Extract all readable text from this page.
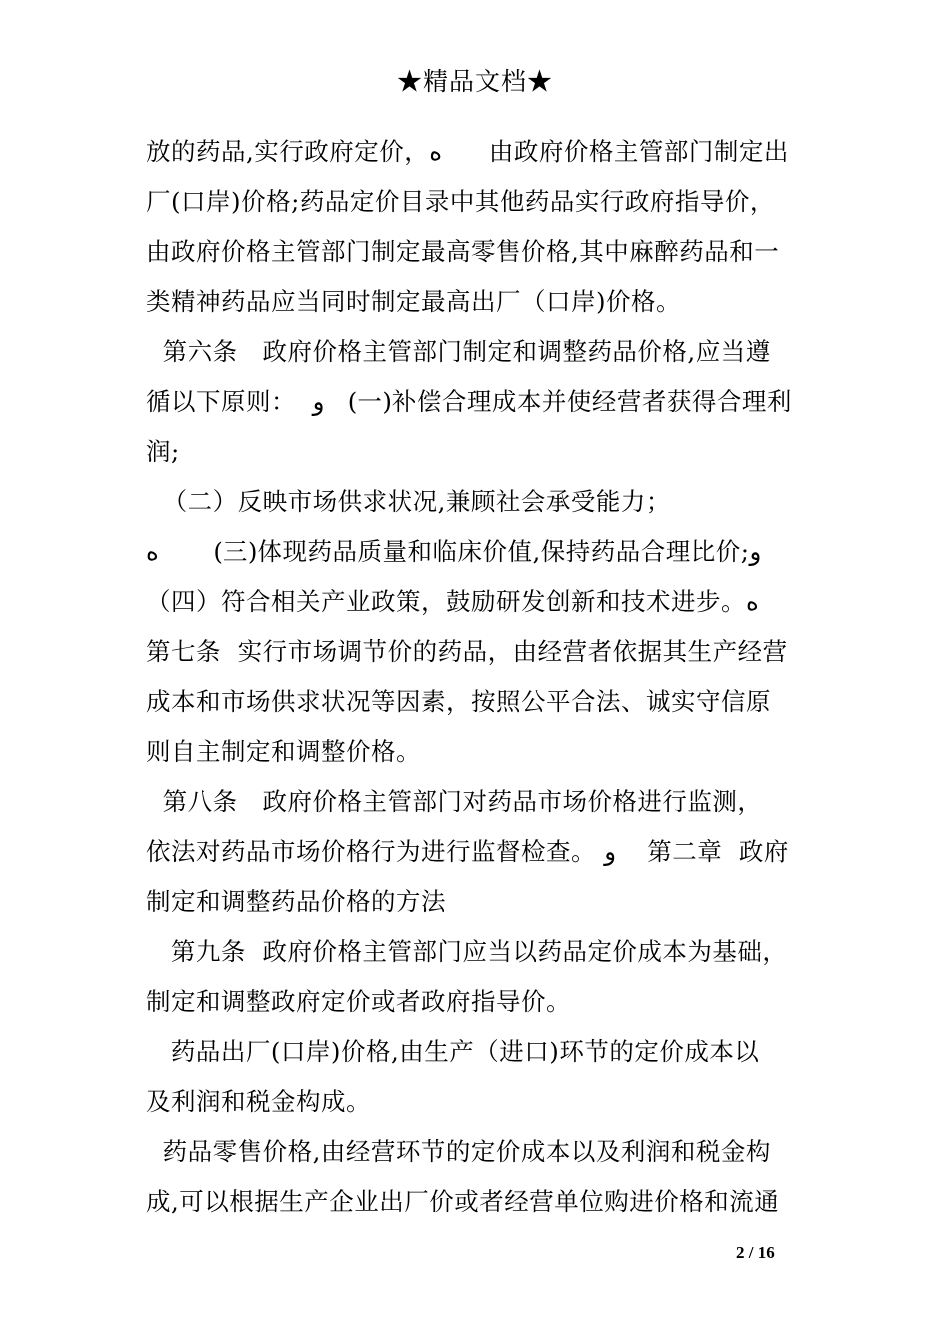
★精品文档★
放的药品,实行政府定价，ه      由政府价格主管部门制定出
厂(口岸)价格;药品定价目录中其他药品实行政府指导价，
由政府价格主管部门制定最高零售价格,其中麻醉药品和一
类精神药品应当同时制定最高出厂（口岸)价格。
第六条   政府价格主管部门制定和调整药品价格,应当遵
循以下原则：  و   (一)补偿合理成本并使经营者获得合理利
润;
（二）反映市场供求状况,兼顾社会承受能力；
ه       (三)体现药品质量和临床价值,保持药品合理比价;و
（四）符合相关产业政策，鼓励研发创新和技术进步。ه
第七条  实行市场调节价的药品，由经营者依据其生产经营
成本和市场供求状况等因素，按照公平合法、诚实守信原
则自主制定和调整价格。
第八条   政府价格主管部门对药品市场价格进行监测，
依法对药品市场价格行为进行监督检查。 و    第二章  政府
制定和调整药品价格的方法
第九条  政府价格主管部门应当以药品定价成本为基础，
制定和调整政府定价或者政府指导价。
药品出厂(口岸)价格,由生产（进口)环节的定价成本以
及利润和税金构成。
药品零售价格,由经营环节的定价成本以及利润和税金构
成,可以根据生产企业出厂价或者经营单位购进价格和流通
2 / 16
